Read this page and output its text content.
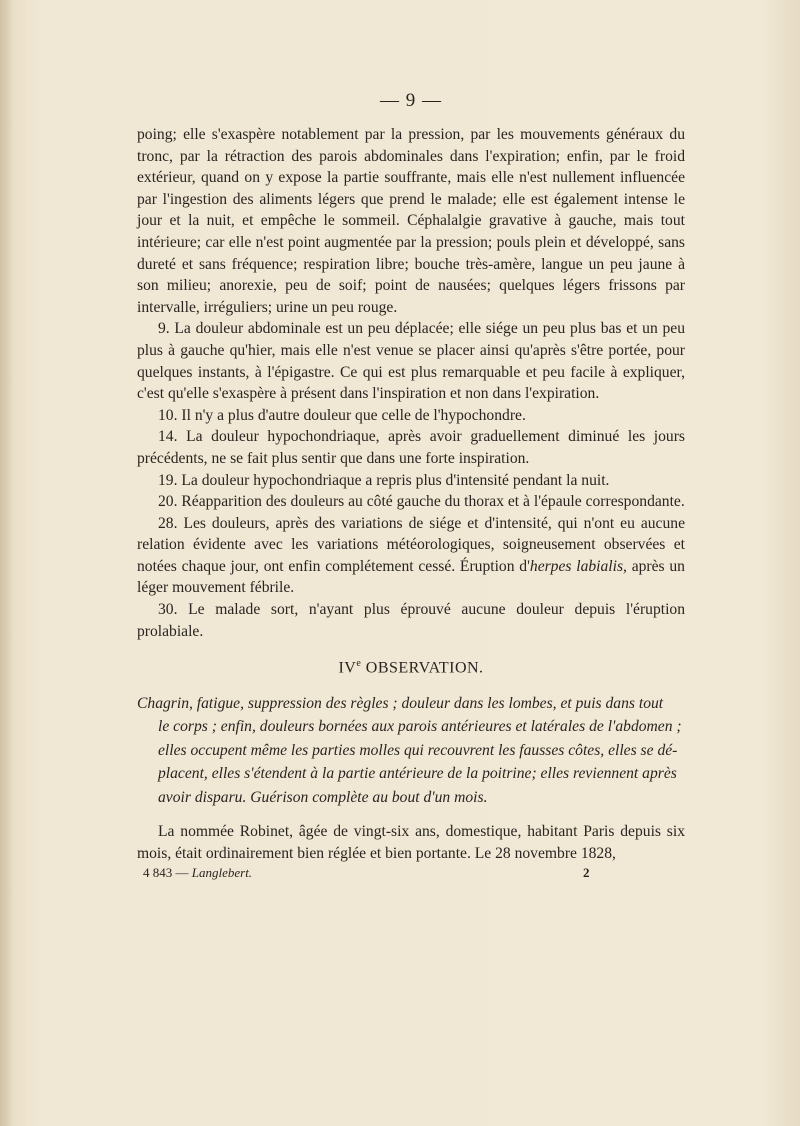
— 9 —

poing; elle s'exaspère notablement par la pression, par les mouvements généraux du tronc, par la rétraction des parois abdominales dans l'expiration; enfin, par le froid extérieur, quand on y expose la partie souffrante, mais elle n'est nullement influencée par l'ingestion des aliments légers que prend le malade; elle est également intense le jour et la nuit, et empêche le sommeil. Céphalalgie gravative à gauche, mais tout intérieure; car elle n'est point augmentée par la pression; pouls plein et développé, sans dureté et sans fréquence; respiration libre; bouche très-amère, langue un peu jaune à son milieu; anorexie, peu de soif; point de nausées; quelques légers frissons par intervalle, irréguliers; urine un peu rouge.

9. La douleur abdominale est un peu déplacée; elle siége un peu plus bas et un peu plus à gauche qu'hier, mais elle n'est venue se placer ainsi qu'après s'être portée, pour quelques instants, à l'épigastre. Ce qui est plus remarquable et peu facile à expliquer, c'est qu'elle s'exaspère à présent dans l'inspiration et non dans l'expiration.

10. Il n'y a plus d'autre douleur que celle de l'hypochondre.

14. La douleur hypochondriaque, après avoir graduellement diminué les jours précédents, ne se fait plus sentir que dans une forte inspiration.

19. La douleur hypochondriaque a repris plus d'intensité pendant la nuit.

20. Réapparition des douleurs au côté gauche du thorax et à l'épaule correspondante.

28. Les douleurs, après des variations de siége et d'intensité, qui n'ont eu aucune relation évidente avec les variations météorologiques, soigneusement observées et notées chaque jour, ont enfin complétement cessé. Éruption d'herpes labialis, après un léger mouvement fébrile.

30. Le malade sort, n'ayant plus éprouvé aucune douleur depuis l'éruption prolabiale.

IVe OBSERVATION.
Chagrin, fatigue, suppression des règles ; douleur dans les lombes, et puis dans tout
le corps ; enfin, douleurs bornées aux parois antérieures et latérales de l'abdomen ;
elles occupent même les parties molles qui recouvrent les fausses côtes, elles se dé-
placent, elles s'étendent à la partie antérieure de la poitrine; elles reviennent après
avoir disparu. Guérison complète au bout d'un mois.

La nommée Robinet, âgée de vingt-six ans, domestique, habitant Paris depuis six mois, était ordinairement bien réglée et bien portante. Le 28 novembre 1828,

4 843 — Langlebert.	2
